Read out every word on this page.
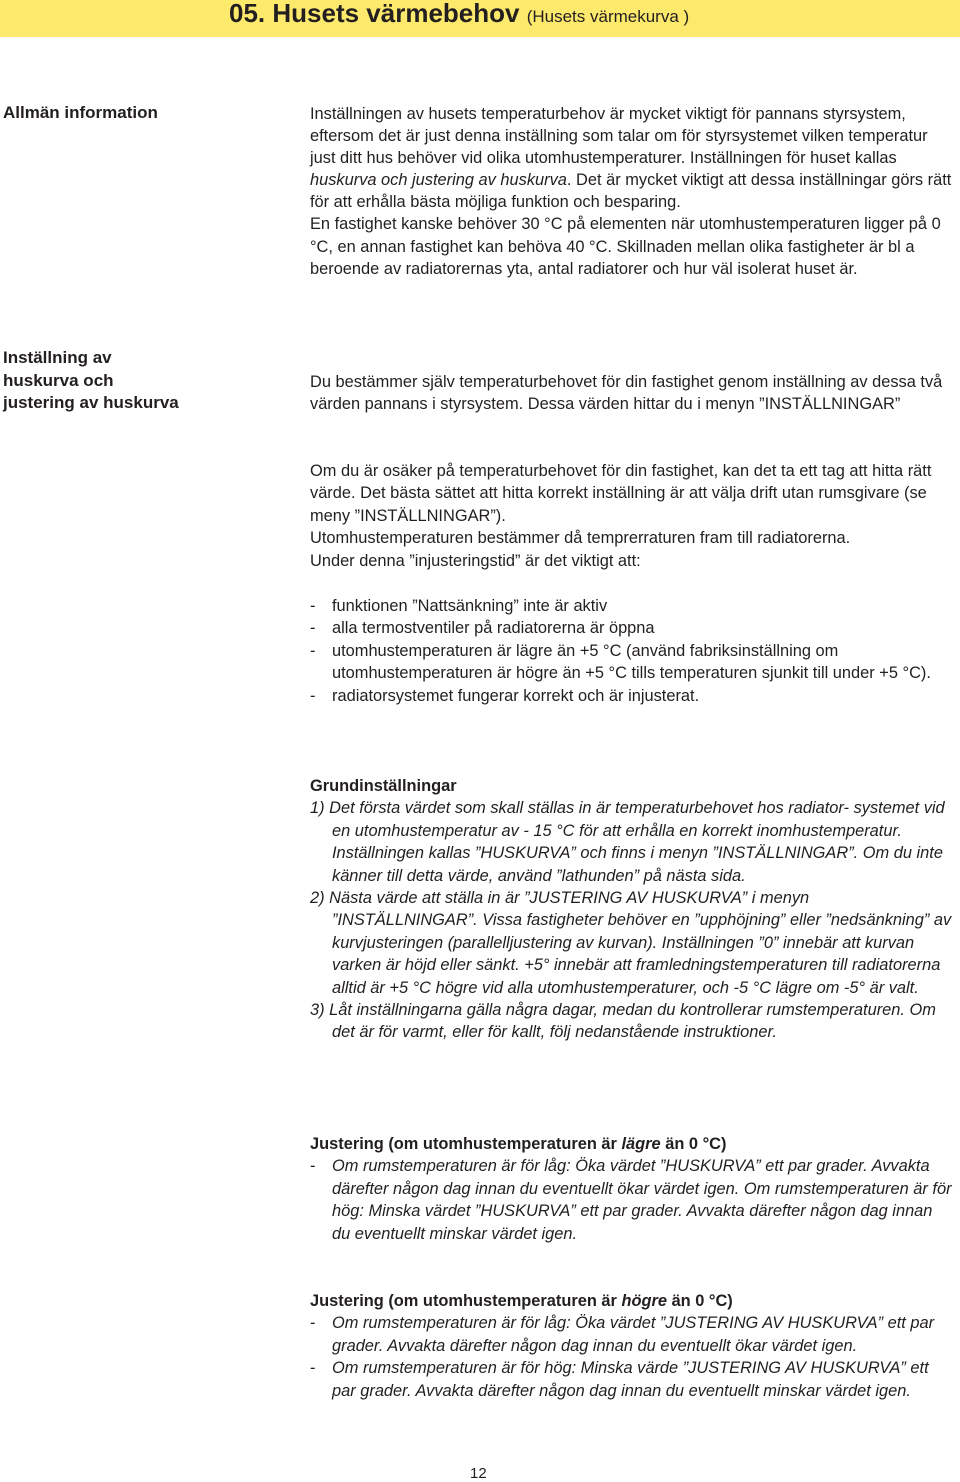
05. Husets värmebehov (Husets värmekurva )
Allmän information
Inställning av
huskurva och
justering av huskurva

Inställningen av husets temperaturbehov är mycket viktigt för pannans styrsystem, eftersom det är just denna inställning som talar om för styrsystemet vilken temperatur just ditt hus behöver vid olika utomhustemperaturer. Inställningen för huset kallas huskurva och justering av huskurva. Det är mycket viktigt att dessa inställningar görs rätt för att erhålla bästa möjliga funktion och besparing.

En fastighet kanske behöver 30 °C på elementen när utomhustemperaturen ligger på 0 °C, en annan fastighet kan behöva 40 °C. Skillnaden mellan olika fastigheter är bl a beroende av radiatorernas yta, antal radiatorer och hur väl isolerat huset är.

Du bestämmer själv temperaturbehovet för din fastighet genom inställning av dessa två värden pannans i styrsystem. Dessa värden hittar du i menyn ”INSTÄLLNINGAR”

Om du är osäker på temperaturbehovet för din fastighet, kan det ta ett tag att hitta rätt värde. Det bästa sättet att hitta korrekt inställning är att välja drift utan rumsgivare (se meny ”INSTÄLLNINGAR”).

Utomhustemperaturen bestämmer då temprerraturen fram till radiatorerna.

Under denna ”injusteringstid” är det viktigt att:

-	funktionen ”Nattsänkning” inte är aktiv
-	alla termostventiler på radiatorerna är öppna
-	utomhustemperaturen är lägre än +5 °C (använd fabriksinställning om utomhustemperaturen är högre än +5 °C tills temperaturen sjunkit till under +5 °C).
-	radiatorsystemet fungerar korrekt och är injusterat.

Grundinställningar

1) Det första värdet som skall ställas in är temperaturbehovet hos radiator- systemet vid en utomhustemperatur av - 15 °C för att erhålla en korrekt inomhustemperatur. Inställningen kallas ”HUSKURVA” och finns i menyn ”INSTÄLLNINGAR”. Om du inte känner till detta värde, använd ”lathunden” på nästa sida.

2) Nästa värde att ställa in är ”JUSTERING AV HUSKURVA” i menyn ”INSTÄLLNINGAR”. Vissa fastigheter behöver en ”upphöjning” eller ”nedsänkning” av kurvjusteringen (parallelljustering av kurvan). Inställningen ”0” innebär att kurvan varken är höjd eller sänkt. +5° innebär att framledningstemperaturen till radiatorerna alltid är +5 °C högre vid alla utomhustemperaturer, och -5 °C lägre om -5° är valt.

3) Låt inställningarna gälla några dagar, medan du kontrollerar rumstemperaturen. Om det är för varmt, eller för kallt, följ nedanstående instruktioner.

Justering (om utomhustemperaturen är lägre än 0 °C)

-	Om rumstemperaturen är för låg: Öka värdet ”HUSKURVA” ett par grader. Avvakta därefter någon dag innan du eventuellt ökar värdet igen. Om rumstemperaturen är för hög: Minska värdet ”HUSKURVA” ett par grader. Avvakta därefter någon dag innan du eventuellt minskar värdet igen.

Justering (om utomhustemperaturen är högre än 0 °C)

-	Om rumstemperaturen är för låg: Öka värdet ”JUSTERING AV HUSKURVA” ett par grader. Avvakta därefter någon dag innan du eventuellt ökar värdet igen.
-	Om rumstemperaturen är för hög: Minska värde ”JUSTERING AV HUSKURVA” ett par grader. Avvakta därefter någon dag innan du eventuellt minskar värdet igen.
12
